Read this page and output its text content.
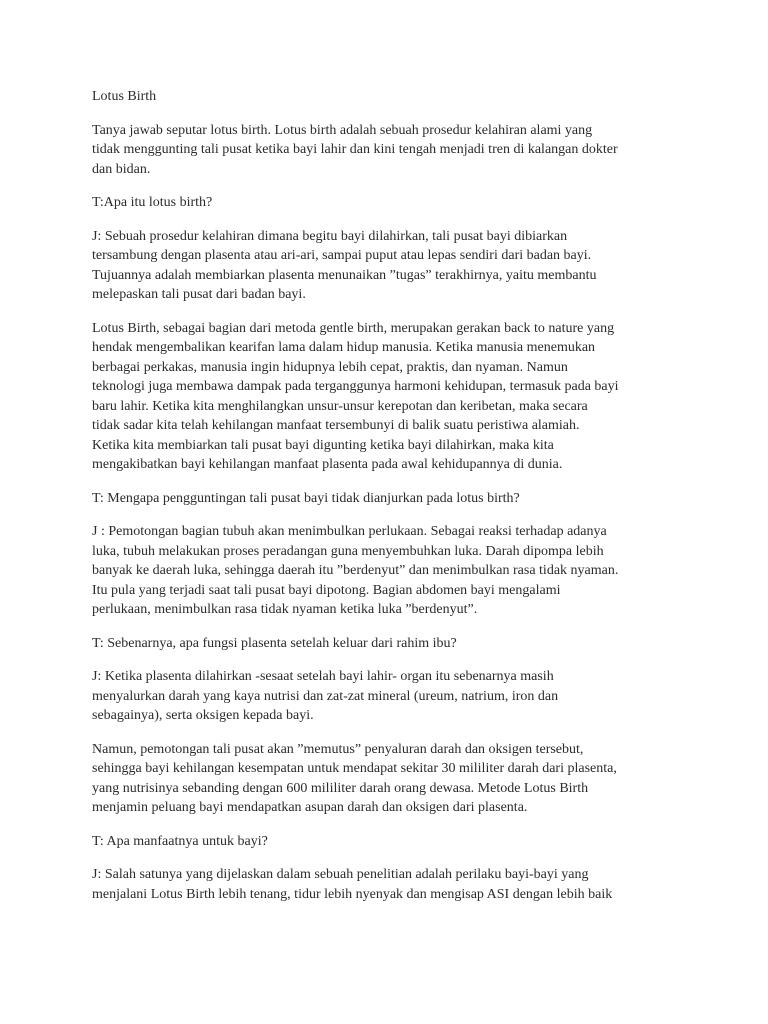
Lotus Birth

Tanya jawab seputar lotus birth. Lotus birth adalah sebuah prosedur kelahiran alami yang
tidak menggunting tali pusat ketika bayi lahir dan kini tengah menjadi tren di kalangan dokter
dan bidan.

T:Apa itu lotus birth?

J: Sebuah prosedur kelahiran dimana begitu bayi dilahirkan, tali pusat bayi dibiarkan
tersambung dengan plasenta atau ari-ari, sampai puput atau lepas sendiri dari badan bayi.
Tujuannya adalah membiarkan plasenta menunaikan ”tugas” terakhirnya, yaitu membantu
melepaskan tali pusat dari badan bayi.

Lotus Birth, sebagai bagian dari metoda gentle birth, merupakan gerakan back to nature yang
hendak mengembalikan kearifan lama dalam hidup manusia. Ketika manusia menemukan
berbagai perkakas, manusia ingin hidupnya lebih cepat, praktis, dan nyaman. Namun
teknologi juga membawa dampak pada terganggunya harmoni kehidupan, termasuk pada bayi
baru lahir. Ketika kita menghilangkan unsur-unsur kerepotan dan keribetan, maka secara
tidak sadar kita telah kehilangan manfaat tersembunyi di balik suatu peristiwa alamiah.
Ketika kita membiarkan tali pusat bayi digunting ketika bayi dilahirkan, maka kita
mengakibatkan bayi kehilangan manfaat plasenta pada awal kehidupannya di dunia.

T: Mengapa pengguntingan tali pusat bayi tidak dianjurkan pada lotus birth?

J : Pemotongan bagian tubuh akan menimbulkan perlukaan. Sebagai reaksi terhadap adanya
luka, tubuh melakukan proses peradangan guna menyembuhkan luka. Darah dipompa lebih
banyak ke daerah luka, sehingga daerah itu ”berdenyut” dan menimbulkan rasa tidak nyaman.
Itu pula yang terjadi saat tali pusat bayi dipotong. Bagian abdomen bayi mengalami
perlukaan, menimbulkan rasa tidak nyaman ketika luka ”berdenyut”.

T: Sebenarnya, apa fungsi plasenta setelah keluar dari rahim ibu?

J: Ketika plasenta dilahirkan -sesaat setelah bayi lahir- organ itu sebenarnya masih
menyalurkan darah yang kaya nutrisi dan zat-zat mineral (ureum, natrium, iron dan
sebagainya), serta oksigen kepada bayi.

Namun, pemotongan tali pusat akan ”memutus” penyaluran darah dan oksigen tersebut,
sehingga bayi kehilangan kesempatan untuk mendapat sekitar 30 mililiter darah dari plasenta,
yang nutrisinya sebanding dengan 600 mililiter darah orang dewasa. Metode Lotus Birth
menjamin peluang bayi mendapatkan asupan darah dan oksigen dari plasenta.

T: Apa manfaatnya untuk bayi?

J: Salah satunya yang dijelaskan dalam sebuah penelitian adalah perilaku bayi-bayi yang
menjalani Lotus Birth lebih tenang, tidur lebih nyenyak dan mengisap ASI dengan lebih baik
